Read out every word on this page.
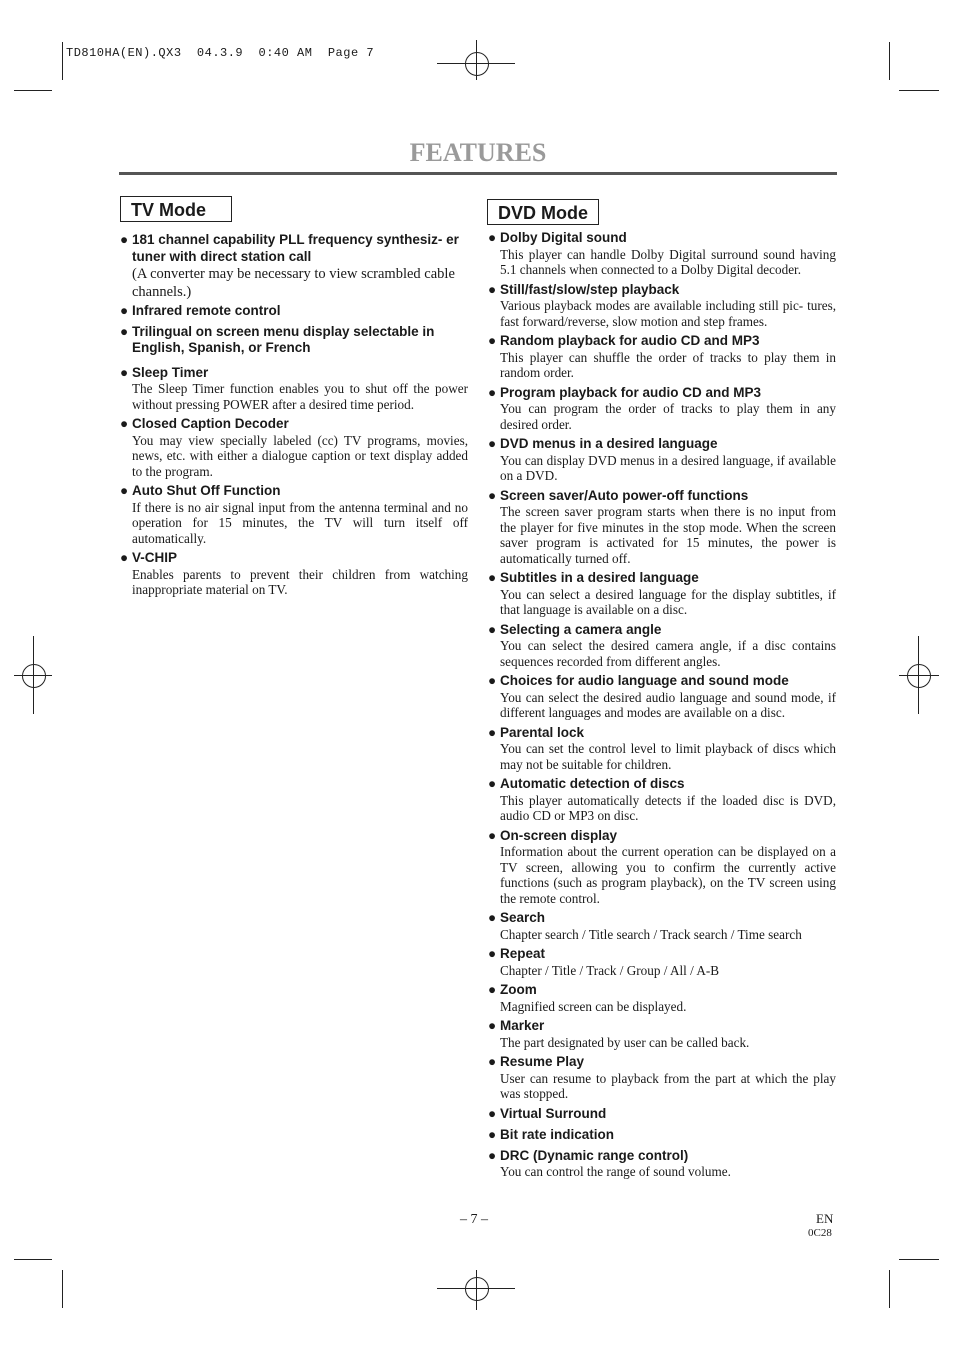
TD810HA(EN).QX3  04.3.9  0:40 AM  Page 7
FEATURES
TV Mode	DVD Mode
● 181 channel capability PLL frequency synthesiz- er tuner with direct station call
(A converter may be necessary to view scrambled cable channels.)
● Infrared remote control
● Trilingual on screen menu display selectable in English, Spanish, or French
● Sleep Timer
The Sleep Timer function enables you to shut off the power without pressing POWER after a desired time period.
● Closed Caption Decoder
You may view specially labeled (cc) TV programs, movies, news, etc. with either a dialogue caption or text display added to the program.
● Auto Shut Off Function
If there is no air signal input from the antenna terminal and no operation for 15 minutes, the TV will turn itself off automatically.
● V-CHIP
Enables parents to prevent their children from watching inappropriate material on TV.
● Dolby Digital sound
This player can handle Dolby Digital surround sound having 5.1 channels when connected to a Dolby Digital decoder.
● Still/fast/slow/step playback
Various playback modes are available including still pic- tures, fast forward/reverse, slow motion and step frames.
● Random playback for audio CD and MP3
This player can shuffle the order of tracks to play them in random order.
● Program playback for audio CD and MP3
You can program the order of tracks to play them in any desired order.
● DVD menus in a desired language
You can display DVD menus in a desired language, if available on a DVD.
● Screen saver/Auto power-off functions
The screen saver program starts when there is no input from the player for five minutes in the stop mode. When the screen saver program is activated for 15 minutes, the power is automatically turned off.
● Subtitles in a desired language
You can select a desired language for the display subtitles, if that language is available on a disc.
● Selecting a camera angle
You can select the desired camera angle, if a disc contains sequences recorded from different angles.
● Choices for audio language and sound mode
You can select the desired audio language and sound mode, if different languages and modes are available on a disc.
● Parental lock
You can set the control level to limit playback of discs which may not be suitable for children.
● Automatic detection of discs
This player automatically detects if the loaded disc is DVD, audio CD or MP3 on disc.
● On-screen display
Information about the current operation can be displayed on a TV screen, allowing you to confirm the currently active functions (such as program playback), on the TV screen using the remote control.
● Search
Chapter search / Title search / Track search / Time search
● Repeat
Chapter / Title / Track / Group / All / A-B
● Zoom
Magnified screen can be displayed.
● Marker
The part designated by user can be called back.
● Resume Play
User can resume to playback from the part at which the play was stopped.
● Virtual Surround
● Bit rate indication
● DRC (Dynamic range control)
You can control the range of sound volume.
– 7 –	EN
0C28
